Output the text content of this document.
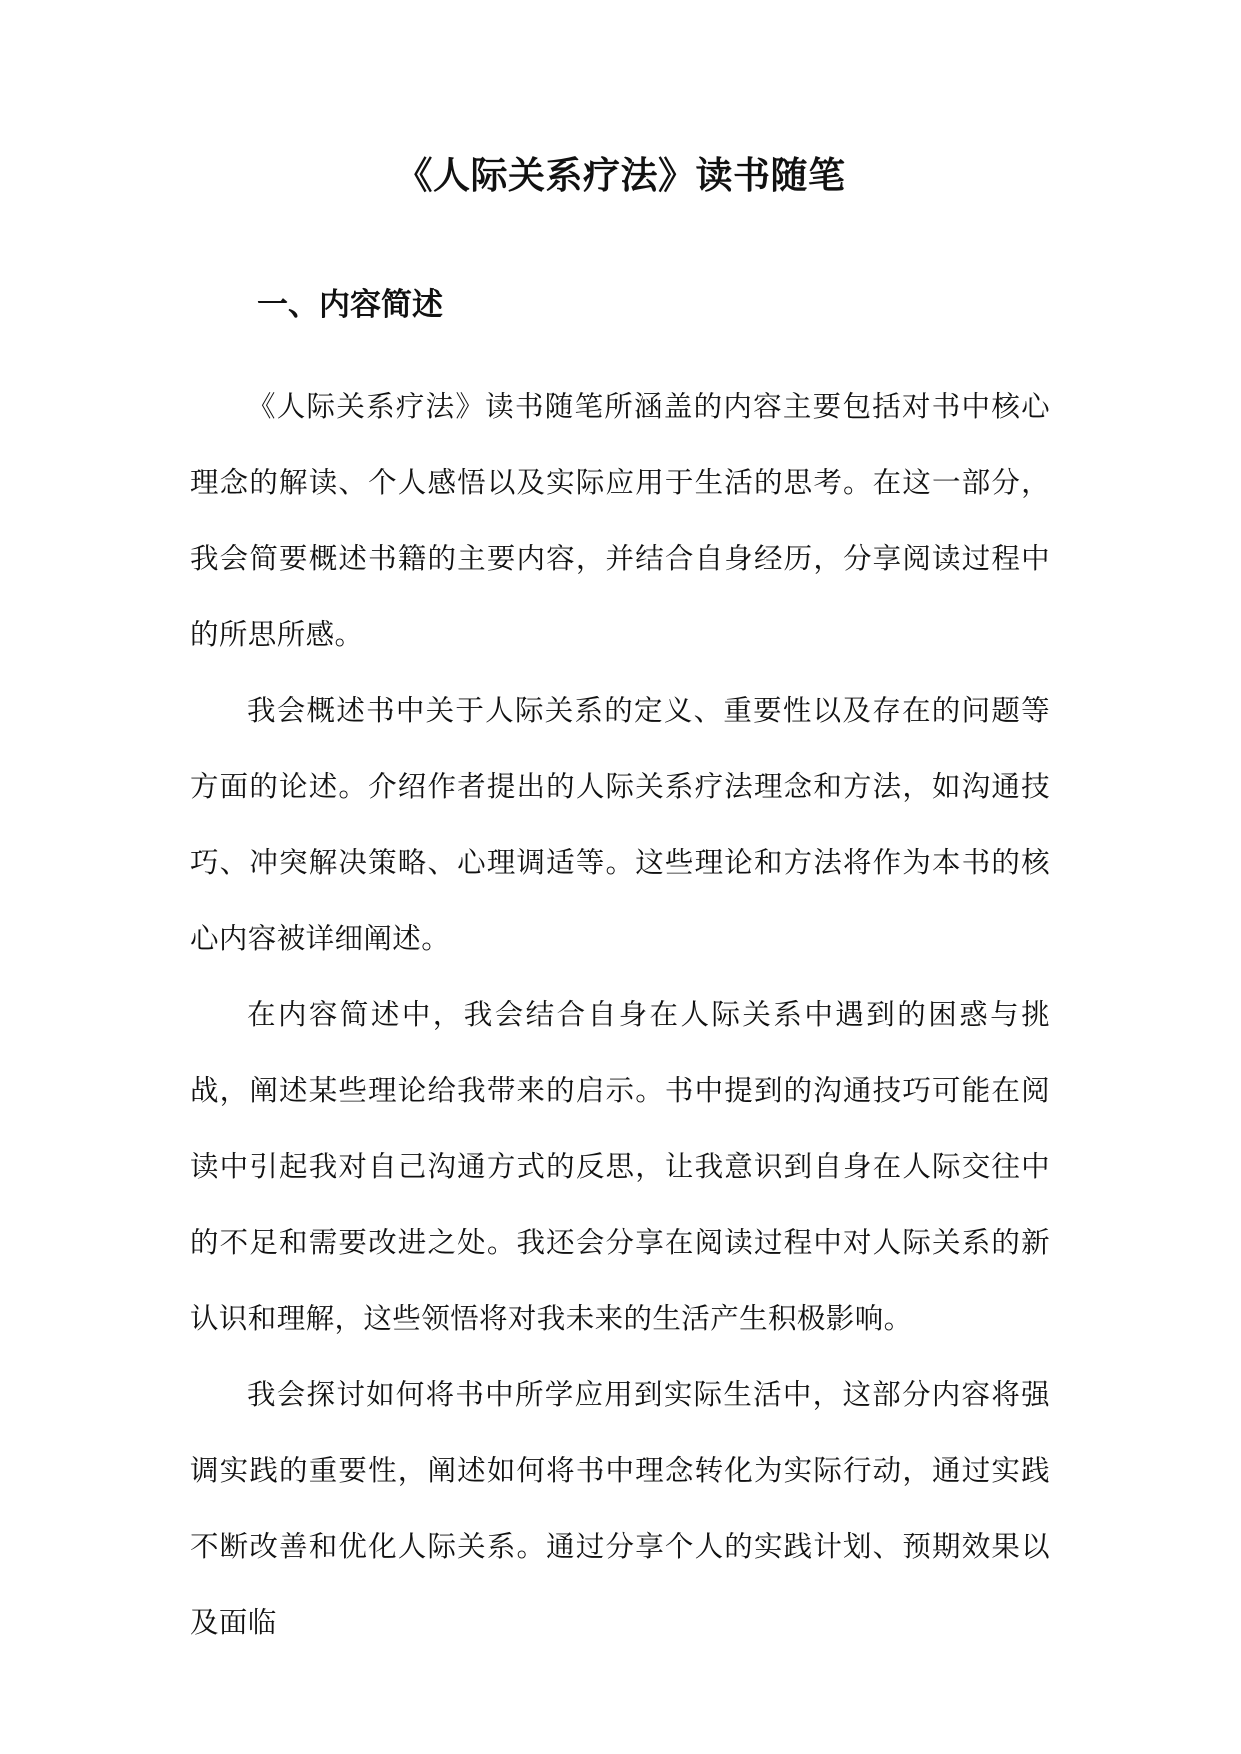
《人际关系疗法》读书随笔
一、内容简述

《人际关系疗法》读书随笔所涵盖的内容主要包括对书中核心理念的解读、个人感悟以及实际应用于生活的思考。在这一部分，我会简要概述书籍的主要内容，并结合自身经历，分享阅读过程中的所思所感。

我会概述书中关于人际关系的定义、重要性以及存在的问题等方面的论述。介绍作者提出的人际关系疗法理念和方法，如沟通技巧、冲突解决策略、心理调适等。这些理论和方法将作为本书的核心内容被详细阐述。

在内容简述中，我会结合自身在人际关系中遇到的困惑与挑战，阐述某些理论给我带来的启示。书中提到的沟通技巧可能在阅读中引起我对自己沟通方式的反思，让我意识到自身在人际交往中的不足和需要改进之处。我还会分享在阅读过程中对人际关系的新认识和理解，这些领悟将对我未来的生活产生积极影响。

我会探讨如何将书中所学应用到实际生活中，这部分内容将强调实践的重要性，阐述如何将书中理念转化为实际行动，通过实践不断改善和优化人际关系。通过分享个人的实践计划、预期效果以及面临
